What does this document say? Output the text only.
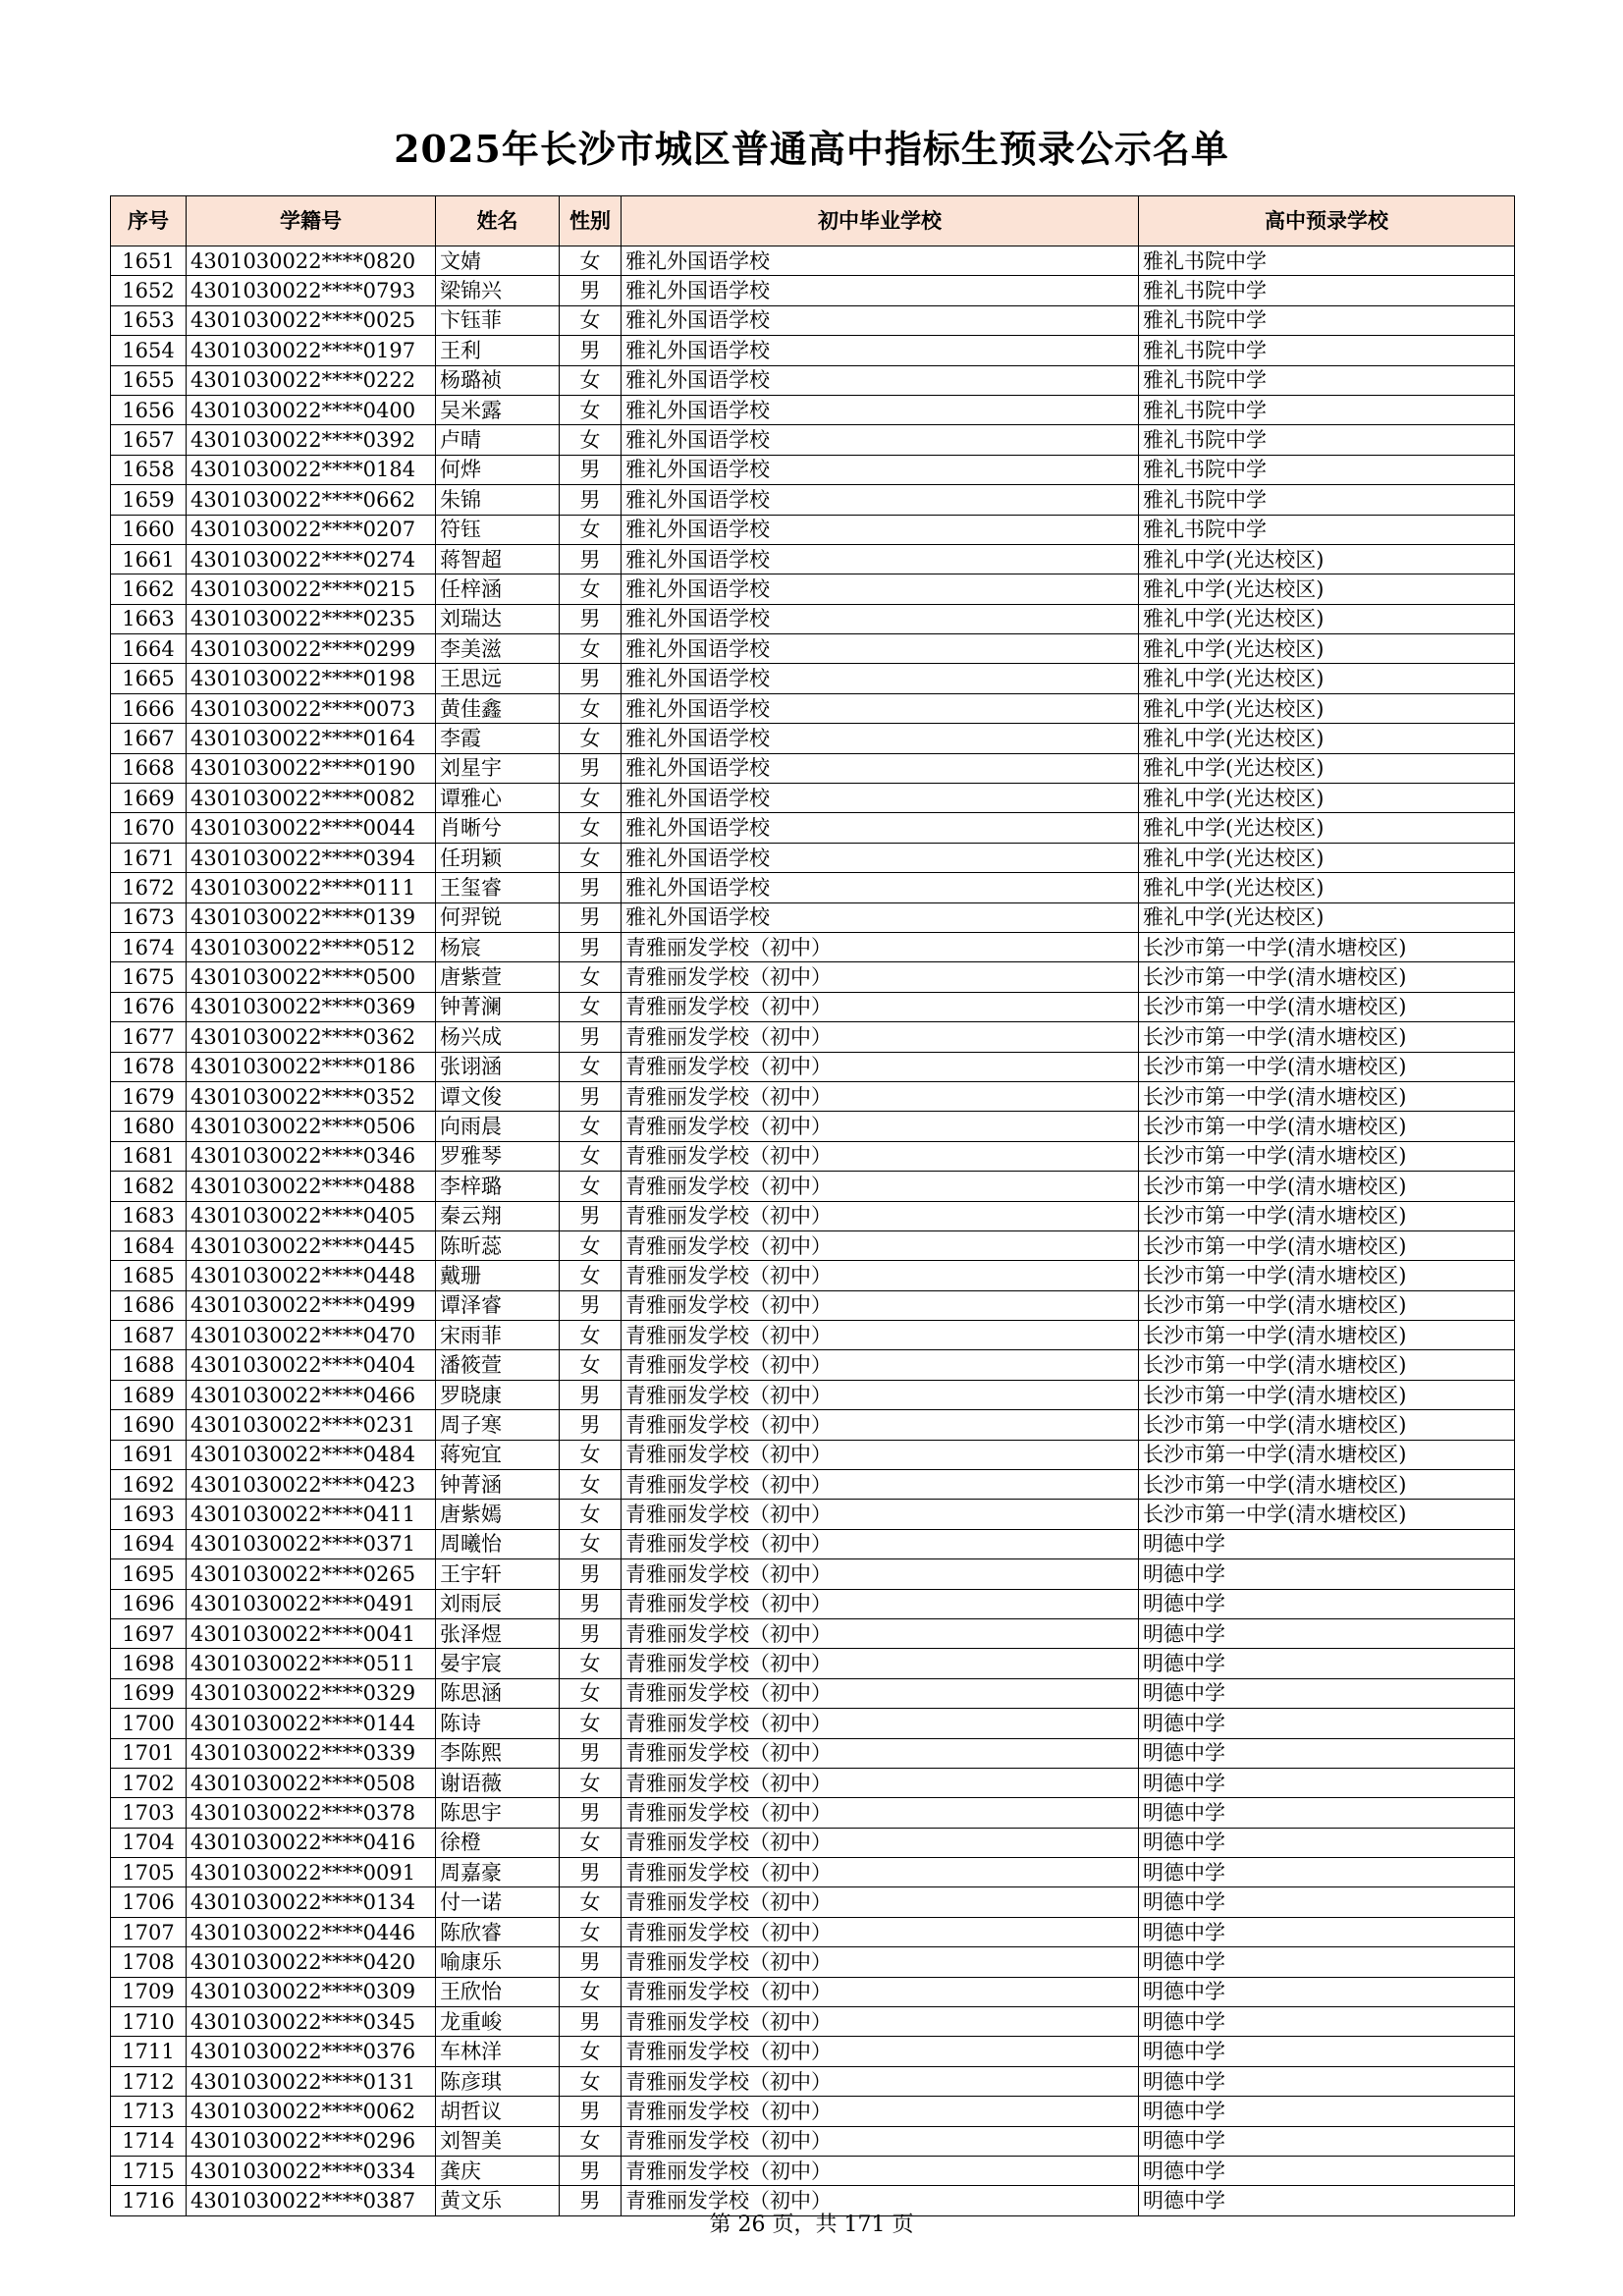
2025年长沙市城区普通高中指标生预录公示名单
序号	学籍号	姓名	性别	初中毕业学校	高中预录学校
1651	4301030022****0820	文婧	女	雅礼外国语学校	雅礼书院中学
1652	4301030022****0793	梁锦兴	男	雅礼外国语学校	雅礼书院中学
1653	4301030022****0025	卞钰菲	女	雅礼外国语学校	雅礼书院中学
1654	4301030022****0197	王利	男	雅礼外国语学校	雅礼书院中学
1655	4301030022****0222	杨璐祯	女	雅礼外国语学校	雅礼书院中学
1656	4301030022****0400	吴米露	女	雅礼外国语学校	雅礼书院中学
1657	4301030022****0392	卢晴	女	雅礼外国语学校	雅礼书院中学
1658	4301030022****0184	何烨	男	雅礼外国语学校	雅礼书院中学
1659	4301030022****0662	朱锦	男	雅礼外国语学校	雅礼书院中学
1660	4301030022****0207	符钰	女	雅礼外国语学校	雅礼书院中学
1661	4301030022****0274	蒋智超	男	雅礼外国语学校	雅礼中学(光达校区)
1662	4301030022****0215	任梓涵	女	雅礼外国语学校	雅礼中学(光达校区)
1663	4301030022****0235	刘瑞达	男	雅礼外国语学校	雅礼中学(光达校区)
1664	4301030022****0299	李美滋	女	雅礼外国语学校	雅礼中学(光达校区)
1665	4301030022****0198	王思远	男	雅礼外国语学校	雅礼中学(光达校区)
1666	4301030022****0073	黄佳鑫	女	雅礼外国语学校	雅礼中学(光达校区)
1667	4301030022****0164	李霞	女	雅礼外国语学校	雅礼中学(光达校区)
1668	4301030022****0190	刘星宇	男	雅礼外国语学校	雅礼中学(光达校区)
1669	4301030022****0082	谭雅心	女	雅礼外国语学校	雅礼中学(光达校区)
1670	4301030022****0044	肖晰兮	女	雅礼外国语学校	雅礼中学(光达校区)
1671	4301030022****0394	任玥颖	女	雅礼外国语学校	雅礼中学(光达校区)
1672	4301030022****0111	王玺睿	男	雅礼外国语学校	雅礼中学(光达校区)
1673	4301030022****0139	何羿锐	男	雅礼外国语学校	雅礼中学(光达校区)
1674	4301030022****0512	杨宸	男	青雅丽发学校（初中）	长沙市第一中学(清水塘校区)
1675	4301030022****0500	唐紫萱	女	青雅丽发学校（初中）	长沙市第一中学(清水塘校区)
1676	4301030022****0369	钟菁澜	女	青雅丽发学校（初中）	长沙市第一中学(清水塘校区)
1677	4301030022****0362	杨兴成	男	青雅丽发学校（初中）	长沙市第一中学(清水塘校区)
1678	4301030022****0186	张诩涵	女	青雅丽发学校（初中）	长沙市第一中学(清水塘校区)
1679	4301030022****0352	谭文俊	男	青雅丽发学校（初中）	长沙市第一中学(清水塘校区)
1680	4301030022****0506	向雨晨	女	青雅丽发学校（初中）	长沙市第一中学(清水塘校区)
1681	4301030022****0346	罗雅琴	女	青雅丽发学校（初中）	长沙市第一中学(清水塘校区)
1682	4301030022****0488	李梓璐	女	青雅丽发学校（初中）	长沙市第一中学(清水塘校区)
1683	4301030022****0405	秦云翔	男	青雅丽发学校（初中）	长沙市第一中学(清水塘校区)
1684	4301030022****0445	陈昕蕊	女	青雅丽发学校（初中）	长沙市第一中学(清水塘校区)
1685	4301030022****0448	戴珊	女	青雅丽发学校（初中）	长沙市第一中学(清水塘校区)
1686	4301030022****0499	谭泽睿	男	青雅丽发学校（初中）	长沙市第一中学(清水塘校区)
1687	4301030022****0470	宋雨菲	女	青雅丽发学校（初中）	长沙市第一中学(清水塘校区)
1688	4301030022****0404	潘筱萱	女	青雅丽发学校（初中）	长沙市第一中学(清水塘校区)
1689	4301030022****0466	罗晓康	男	青雅丽发学校（初中）	长沙市第一中学(清水塘校区)
1690	4301030022****0231	周子寒	男	青雅丽发学校（初中）	长沙市第一中学(清水塘校区)
1691	4301030022****0484	蒋宛宜	女	青雅丽发学校（初中）	长沙市第一中学(清水塘校区)
1692	4301030022****0423	钟菁涵	女	青雅丽发学校（初中）	长沙市第一中学(清水塘校区)
1693	4301030022****0411	唐紫嫣	女	青雅丽发学校（初中）	长沙市第一中学(清水塘校区)
1694	4301030022****0371	周曦怡	女	青雅丽发学校（初中）	明德中学
1695	4301030022****0265	王宇轩	男	青雅丽发学校（初中）	明德中学
1696	4301030022****0491	刘雨辰	男	青雅丽发学校（初中）	明德中学
1697	4301030022****0041	张泽煜	男	青雅丽发学校（初中）	明德中学
1698	4301030022****0511	晏宇宸	女	青雅丽发学校（初中）	明德中学
1699	4301030022****0329	陈思涵	女	青雅丽发学校（初中）	明德中学
1700	4301030022****0144	陈诗	女	青雅丽发学校（初中）	明德中学
1701	4301030022****0339	李陈熙	男	青雅丽发学校（初中）	明德中学
1702	4301030022****0508	谢语薇	女	青雅丽发学校（初中）	明德中学
1703	4301030022****0378	陈思宇	男	青雅丽发学校（初中）	明德中学
1704	4301030022****0416	徐橙	女	青雅丽发学校（初中）	明德中学
1705	4301030022****0091	周嘉豪	男	青雅丽发学校（初中）	明德中学
1706	4301030022****0134	付一诺	女	青雅丽发学校（初中）	明德中学
1707	4301030022****0446	陈欣睿	女	青雅丽发学校（初中）	明德中学
1708	4301030022****0420	喻康乐	男	青雅丽发学校（初中）	明德中学
1709	4301030022****0309	王欣怡	女	青雅丽发学校（初中）	明德中学
1710	4301030022****0345	龙重峻	男	青雅丽发学校（初中）	明德中学
1711	4301030022****0376	车林洋	女	青雅丽发学校（初中）	明德中学
1712	4301030022****0131	陈彦琪	女	青雅丽发学校（初中）	明德中学
1713	4301030022****0062	胡哲议	男	青雅丽发学校（初中）	明德中学
1714	4301030022****0296	刘智美	女	青雅丽发学校（初中）	明德中学
1715	4301030022****0334	龚庆	男	青雅丽发学校（初中）	明德中学
1716	4301030022****0387	黄文乐	男	青雅丽发学校（初中）	明德中学
第 26 页，共 171 页
